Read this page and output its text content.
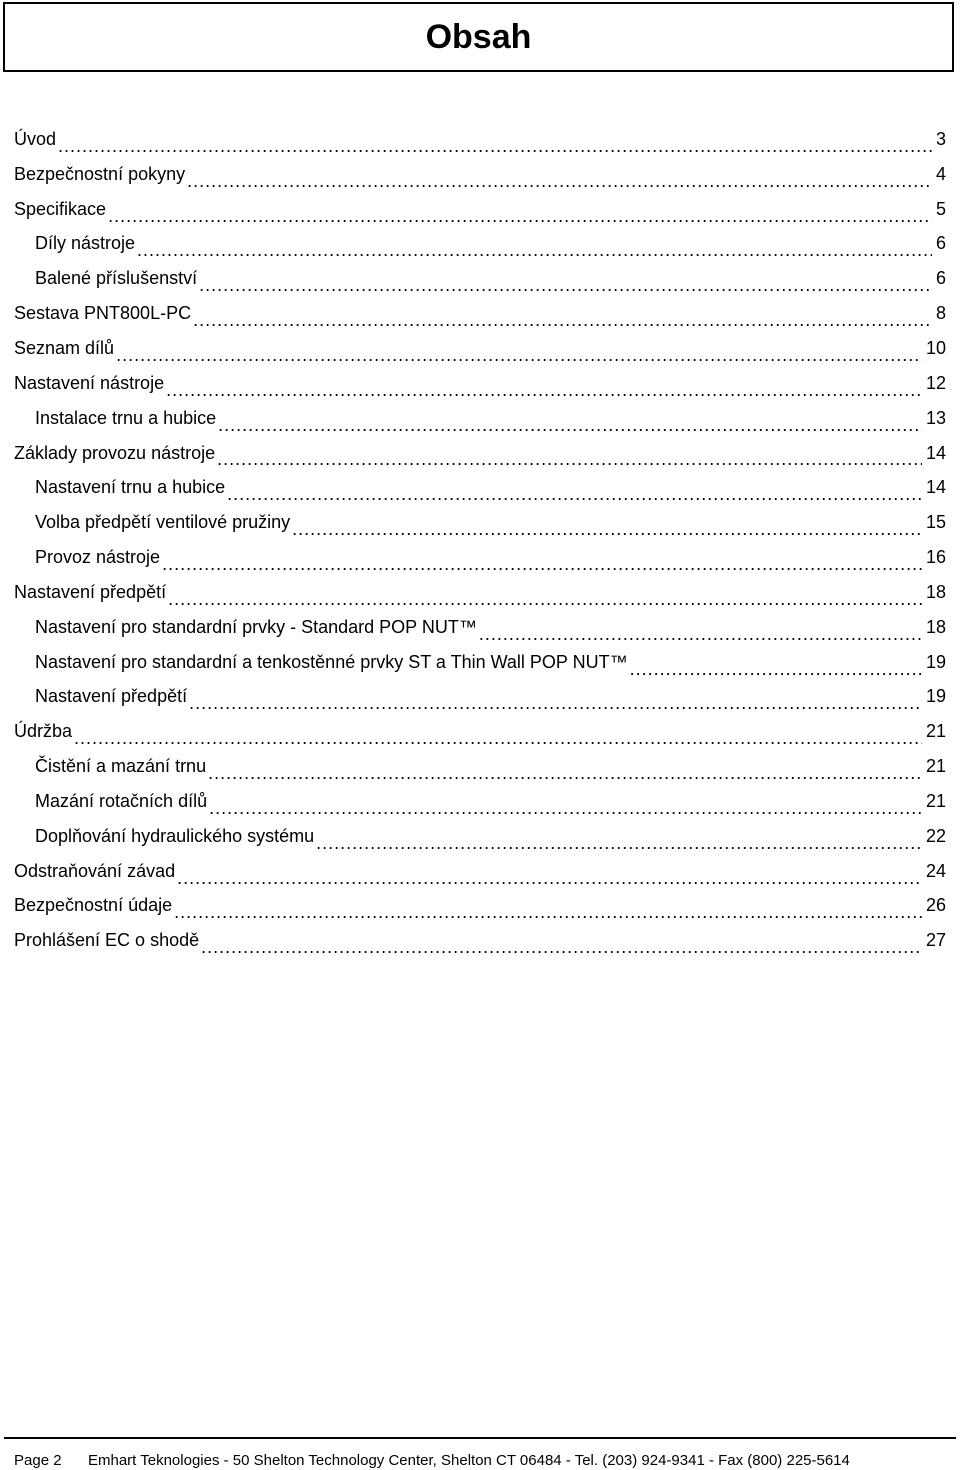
Obsah
Úvod .....	3
Bezpečnostní pokyny .....	4
Specifikace .....	5
Díly nástroje .....	6
Balené příslušenství .....	6
Sestava PNT800L-PC .....	8
Seznam dílů .....	10
Nastavení nástroje .....	12
Instalace trnu a hubice .....	13
Základy provozu nástroje .....	14
Nastavení trnu a hubice .....	14
Volba předpětí ventilové pružiny .....	15
Provoz nástroje .....	16
Nastavení předpětí .....	18
Nastavení pro standardní prvky - Standard POP NUT™ .....	18
Nastavení pro standardní a tenkostěnné prvky ST a Thin Wall POP NUT™ .....	19
Nastavení předpětí .....	19
Údržba .....	21
Čistění a mazání trnu .....	21
Mazání rotačních dílů .....	21
Doplňování hydraulického systému .....	22
Odstraňování závad .....	24
Bezpečnostní údaje .....	26
Prohlášení EC o shodě .....	27
Page 2 Emhart Teknologies - 50 Shelton Technology Center, Shelton CT 06484 - Tel. (203) 924-9341 - Fax (800) 225-5614
